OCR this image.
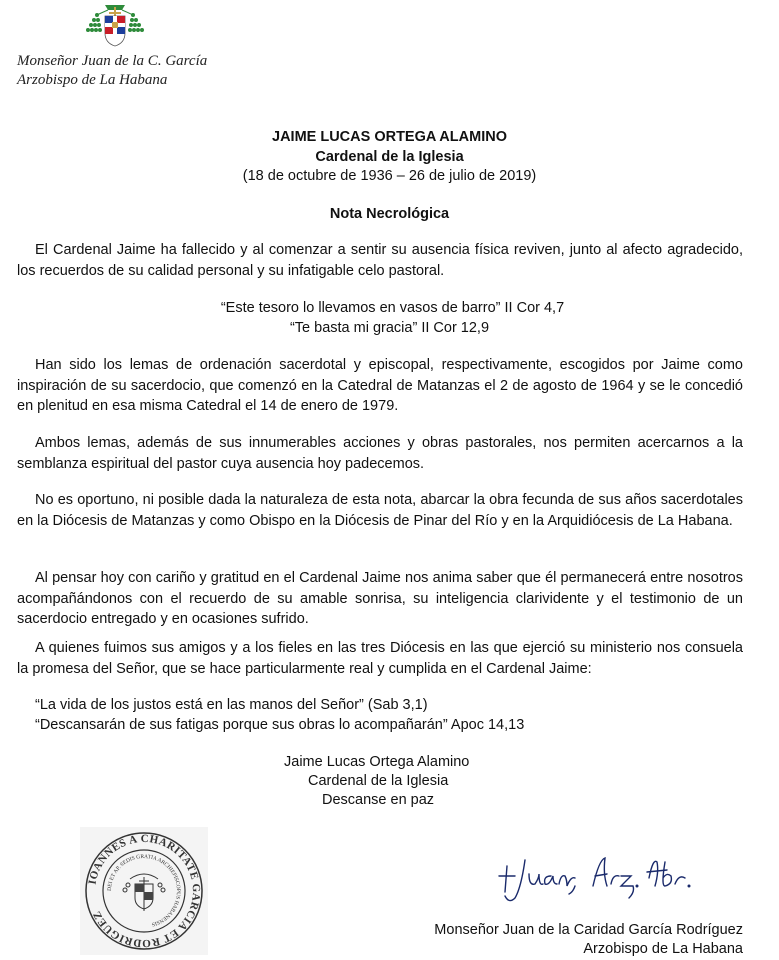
Monseñor Juan de la C. García
Arzobispo de La Habana
JAIME LUCAS ORTEGA ALAMINO
Cardenal de la Iglesia
(18 de octubre de 1936 – 26 de julio de 2019)
Nota Necrológica
El Cardenal Jaime ha fallecido y al comenzar a sentir su ausencia física reviven, junto al afecto agradecido, los recuerdos de su calidad personal y su infatigable celo pastoral.
“Este tesoro lo llevamos en vasos de barro” II Cor 4,7
“Te basta mi gracia” II Cor 12,9
Han sido los lemas de ordenación sacerdotal y episcopal, respectivamente, escogidos por Jaime como inspiración de su sacerdocio, que comenzó en la Catedral de Matanzas el 2 de agosto de 1964 y se le concedió en plenitud en esa misma Catedral el 14 de enero de 1979.
Ambos lemas, además de sus innumerables acciones y obras pastorales, nos permiten acercarnos a la semblanza espiritual del pastor cuya ausencia hoy padecemos.
No es oportuno, ni posible dada la naturaleza de esta nota, abarcar la obra fecunda de sus años sacerdotales en la Diócesis de Matanzas y como Obispo en la Diócesis de Pinar del Río y en la Arquidiócesis de La Habana.
Al pensar hoy con cariño y gratitud en el Cardenal Jaime nos anima saber que él permanecerá entre nosotros acompañándonos con el recuerdo de su amable sonrisa, su inteligencia clarividente y el testimonio de un sacerdocio entregado y en ocasiones sufrido.
A quienes fuimos sus amigos y a los fieles en las tres Diócesis en las que ejerció su ministerio nos consuela la promesa del Señor, que se hace particularmente real y cumplida en el Cardenal Jaime:
“La vida de los justos está en las manos del Señor” (Sab 3,1)
“Descansarán de sus fatigas porque sus obras lo acompañarán” Apoc 14,13
Jaime Lucas Ortega Alamino
Cardenal de la Iglesia
Descanse en paz
IOANNES A CHARITATE GARCIA ET RODRIGUEZ
DEI ET AP. SEDIS GRATIA ARCHIEPISCOPUS HABANENSIS	Monseñor Juan de la Caridad García Rodríguez
Arzobispo de La Habana
